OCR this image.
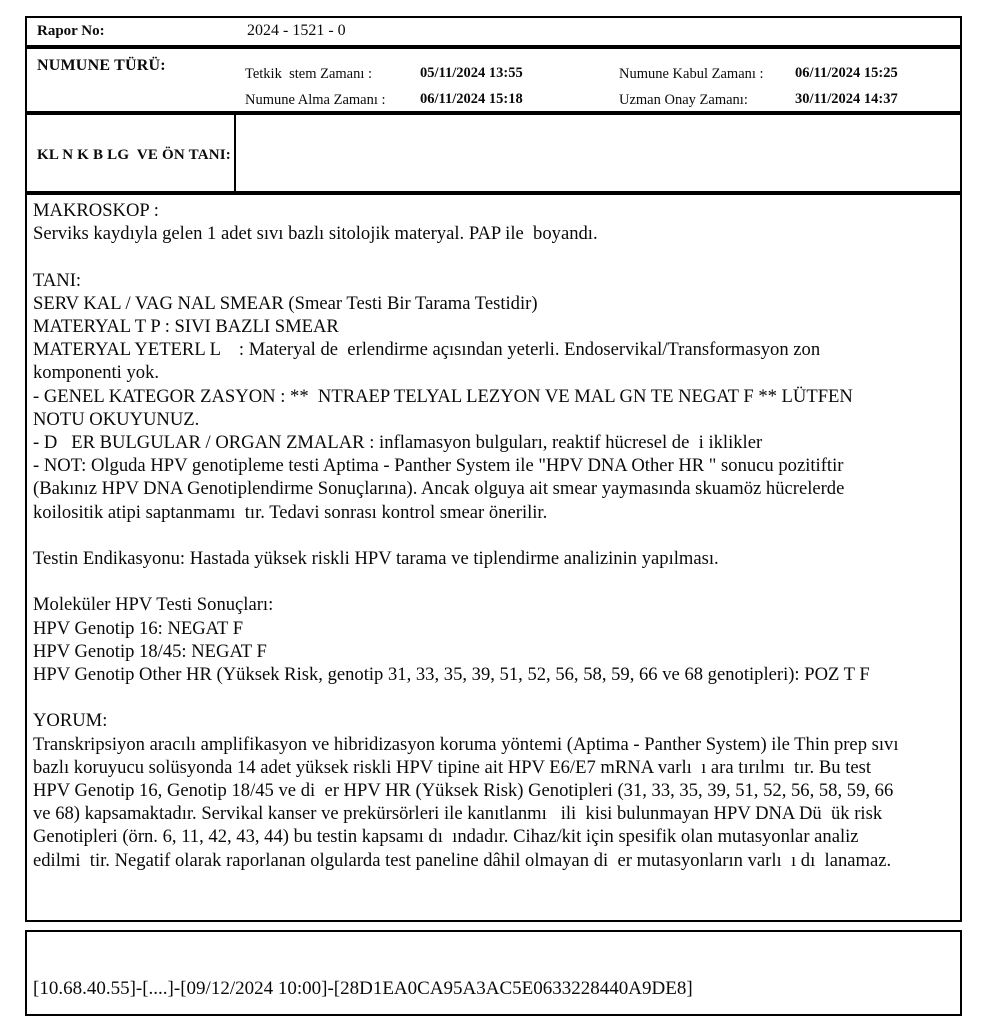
Rapor No:	2024 - 1521 - 0
NUMUNE TÜRÜ:	Tetkik  stem Zamanı :	05/11/2024 13:55	Numune Kabul Zamanı : 06/11/2024 15:25
Numune Alma Zamanı : 06/11/2024 15:18	Uzman Onay Zamanı:	30/11/2024 14:37
KL N K B LG  VE ÖN TANI:
MAKROSKOP :
Serviks kaydıyla gelen 1 adet sıvı bazlı sitolojik materyal. PAP ile  boyandı.

TANI:
SERV KAL / VAG NAL SMEAR (Smear Testi Bir Tarama Testidir)
MATERYAL T P : SIVI BAZLI SMEAR
MATERYAL YETERL L    : Materyal de  erlendirme açısından yeterli. Endoservikal/Transformasyon zon
komponenti yok.
- GENEL KATEGOR ZASYON : **  NTRAEP TELYAL LEZYON VE MAL GN TE NEGAT F ** LÜTFEN
NOTU OKUYUNUZ.
- D   ER BULGULAR / ORGAN ZMALAR : inflamasyon bulguları, reaktif hücresel de  i iklikler
- NOT: Olguda HPV genotipleme testi Aptima - Panther System ile "HPV DNA Other HR " sonucu pozitiftir
(Bakınız HPV DNA Genotiplendirme Sonuçlarına). Ancak olguya ait smear yaymasında skuamöz hücrelerde
koilositik atipi saptanmamı  tır. Tedavi sonrası kontrol smear önerilir.

Testin Endikasyonu: Hastada yüksek riskli HPV tarama ve tiplendirme analizinin yapılması.

Moleküler HPV Testi Sonuçları:
HPV Genotip 16: NEGAT F
HPV Genotip 18/45: NEGAT F
HPV Genotip Other HR (Yüksek Risk, genotip 31, 33, 35, 39, 51, 52, 56, 58, 59, 66 ve 68 genotipleri): POZ T F

YORUM:
Transkripsiyon aracılı amplifikasyon ve hibridizasyon koruma yöntemi (Aptima - Panther System) ile Thin prep sıvı
bazlı koruyucu solüsyonda 14 adet yüksek riskli HPV tipine ait HPV E6/E7 mRNA varlı  ı ara tırılmı  tır. Bu test
HPV Genotip 16, Genotip 18/45 ve di  er HPV HR (Yüksek Risk) Genotipleri (31, 33, 35, 39, 51, 52, 56, 58, 59, 66
ve 68) kapsamaktadır. Servikal kanser ve prekürsörleri ile kanıtlanmı   ili  kisi bulunmayan HPV DNA Dü  ük risk
Genotipleri (örn. 6, 11, 42, 43, 44) bu testin kapsamı dı  ındadır. Cihaz/kit için spesifik olan mutasyonlar analiz
edilmi  tir. Negatif olarak raporlanan olgularda test paneline dâhil olmayan di  er mutasyonların varlı  ı dı  lanamaz.
[10.68.40.55]-[....]-[09/12/2024 10:00]-[28D1EA0CA95A3AC5E0633228440A9DE8]
